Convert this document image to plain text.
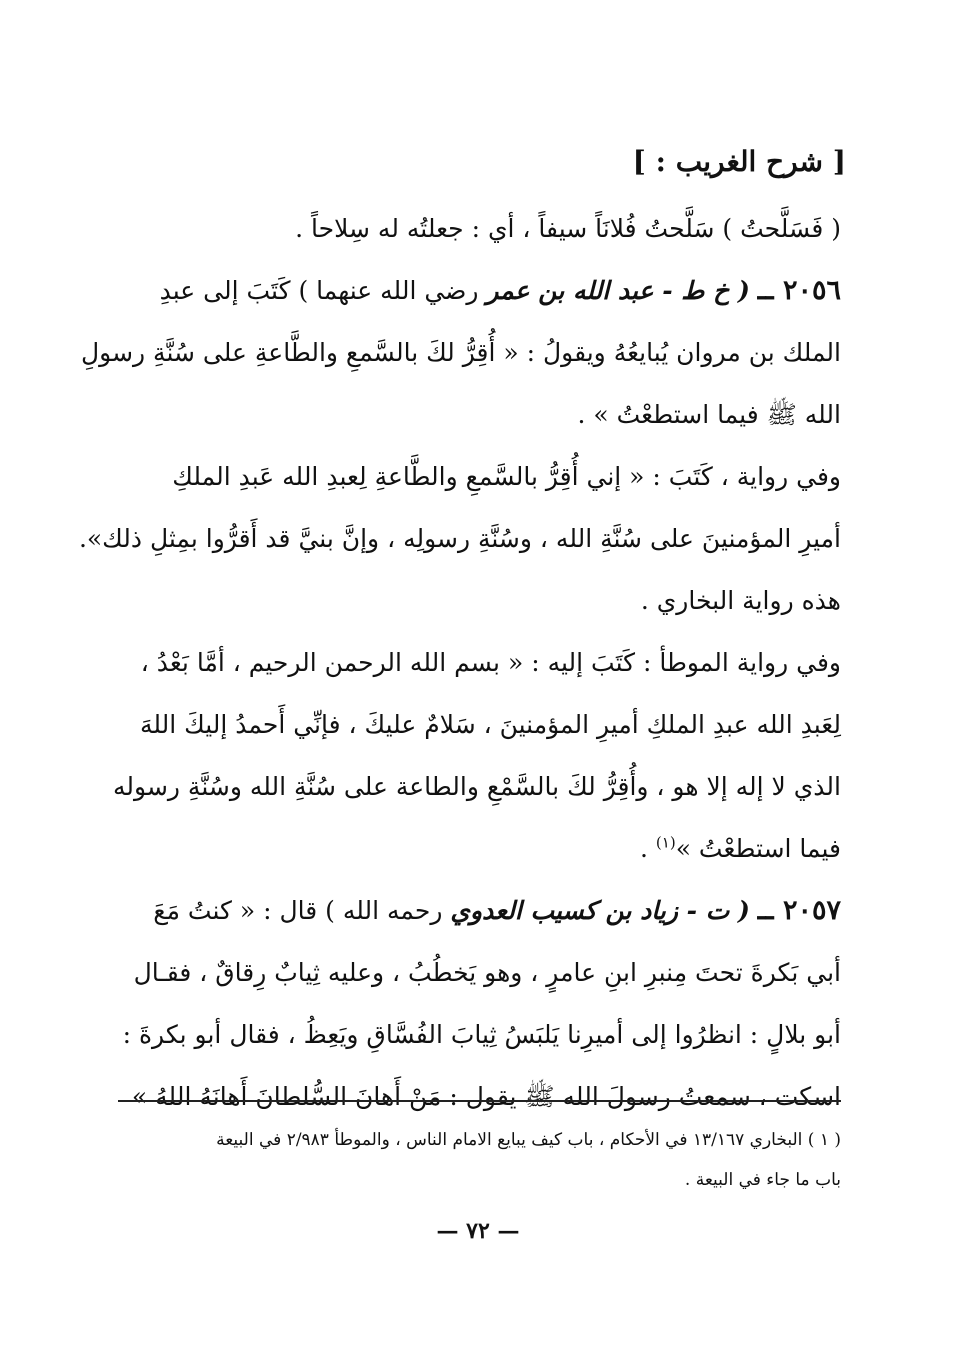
[ شرح الغريب : ]
( فَسَلَّحتُ ) سَلَّحتُ فُلانَاً سيفاً ، أي : جعلتُه له سِلاحاً .
٢٠٥٦ ــ ( خ ط - عبد الله بن عمر رضي الله عنهما ) كَتَبَ إلى عبدِ
الملك بن مروان يُبايعُهُ ويقولُ : « أُقِرُّ لكَ بالسَّمعِ والطَّاعةِ على سُنَّةِ رسولِ
الله ﷺ فيما استطعْتُ » .
وفي رواية ، كَتَبَ : « إني أُقِرُّ بالسَّمعِ والطَّاعةِ لِعبدِ الله عَبدِ الملكِ
أميرِ المؤمنينَ على سُنَّةِ الله ، وسُنَّةِ رسولِه ، وإنَّ بنيَّ قد أَقرُّوا بمِثلِ ذلك».
هذه رواية البخاري .
وفي رواية الموطأ : كَتَبَ إليه : « بسم الله الرحمن الرحيم ، أمَّا بَعْدُ ،
لِعَبدِ الله عبدِ الملكِ أميرِ المؤمنينَ ، سَلامٌ عليكَ ، فإنِّي أَحمدُ إليكَ اللهَ
الذي لا إله إلا هو ، وأُقِرُّ لكَ بالسَّمْعِ والطاعة على سُنَّةِ الله وسُنَّةِ رسوله
فيما استطعْتُ »$^{(١)}$ .
٢٠٥٧ ــ ( ت - زياد بن كسيب العدوي رحمه الله ) قال : « كنتُ مَعَ
أبي بَكرةَ تحتَ مِنبرِ ابنِ عامرٍ ، وهو يَخطُبُ ، وعليه ثِيابٌ رِقاقٌ ، فقـال
أبو بلالٍ : انظرُوا إلى أميرِنا يَلبَسُ ثِيابَ الفُسَّاقِ ويَعِظُ ، فقال أبو بكرةَ :
اسكت ، سمعتُ رسولَ الله ﷺ يقول : مَنْ أَهانَ السُّلطانَ أَهانَهُ اللهُ »
( ١ ) البخاري ١٣/١٦٧ في الأحكام ، باب كيف يبايع الامام الناس ، والموطأ ٢/٩٨٣ في البيعة
باب ما جاء في البيعة .
— ٧٢ —
